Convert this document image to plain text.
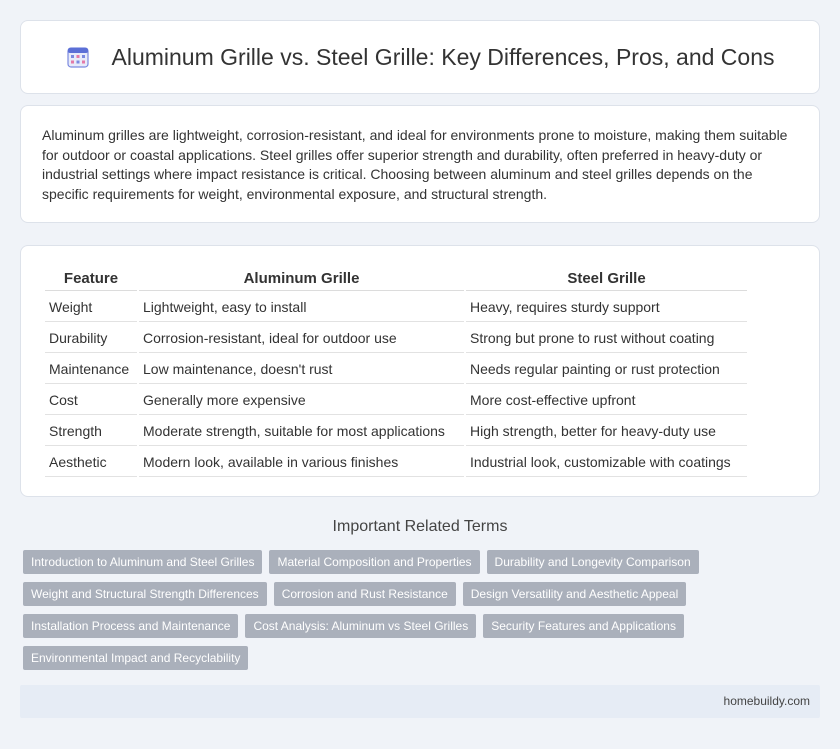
Aluminum Grille vs. Steel Grille: Key Differences, Pros, and Cons

Aluminum grilles are lightweight, corrosion-resistant, and ideal for environments prone to moisture, making them suitable for outdoor or coastal applications. Steel grilles offer superior strength and durability, often preferred in heavy-duty or industrial settings where impact resistance is critical. Choosing between aluminum and steel grilles depends on the specific requirements for weight, environmental exposure, and structural strength.

Feature	Aluminum Grille	Steel Grille
Weight	Lightweight, easy to install	Heavy, requires sturdy support
Durability	Corrosion-resistant, ideal for outdoor use	Strong but prone to rust without coating
Maintenance	Low maintenance, doesn't rust	Needs regular painting or rust protection
Cost	Generally more expensive	More cost-effective upfront
Strength	Moderate strength, suitable for most applications	High strength, better for heavy-duty use
Aesthetic	Modern look, available in various finishes	Industrial look, customizable with coatings
Important Related Terms
Introduction to Aluminum and Steel Grilles	Material Composition and Properties	Durability and Longevity Comparison
Weight and Structural Strength Differences	Corrosion and Rust Resistance	Design Versatility and Aesthetic Appeal
Installation Process and Maintenance	Cost Analysis: Aluminum vs Steel Grilles	Security Features and Applications
Environmental Impact and Recyclability
homebuildy.com
